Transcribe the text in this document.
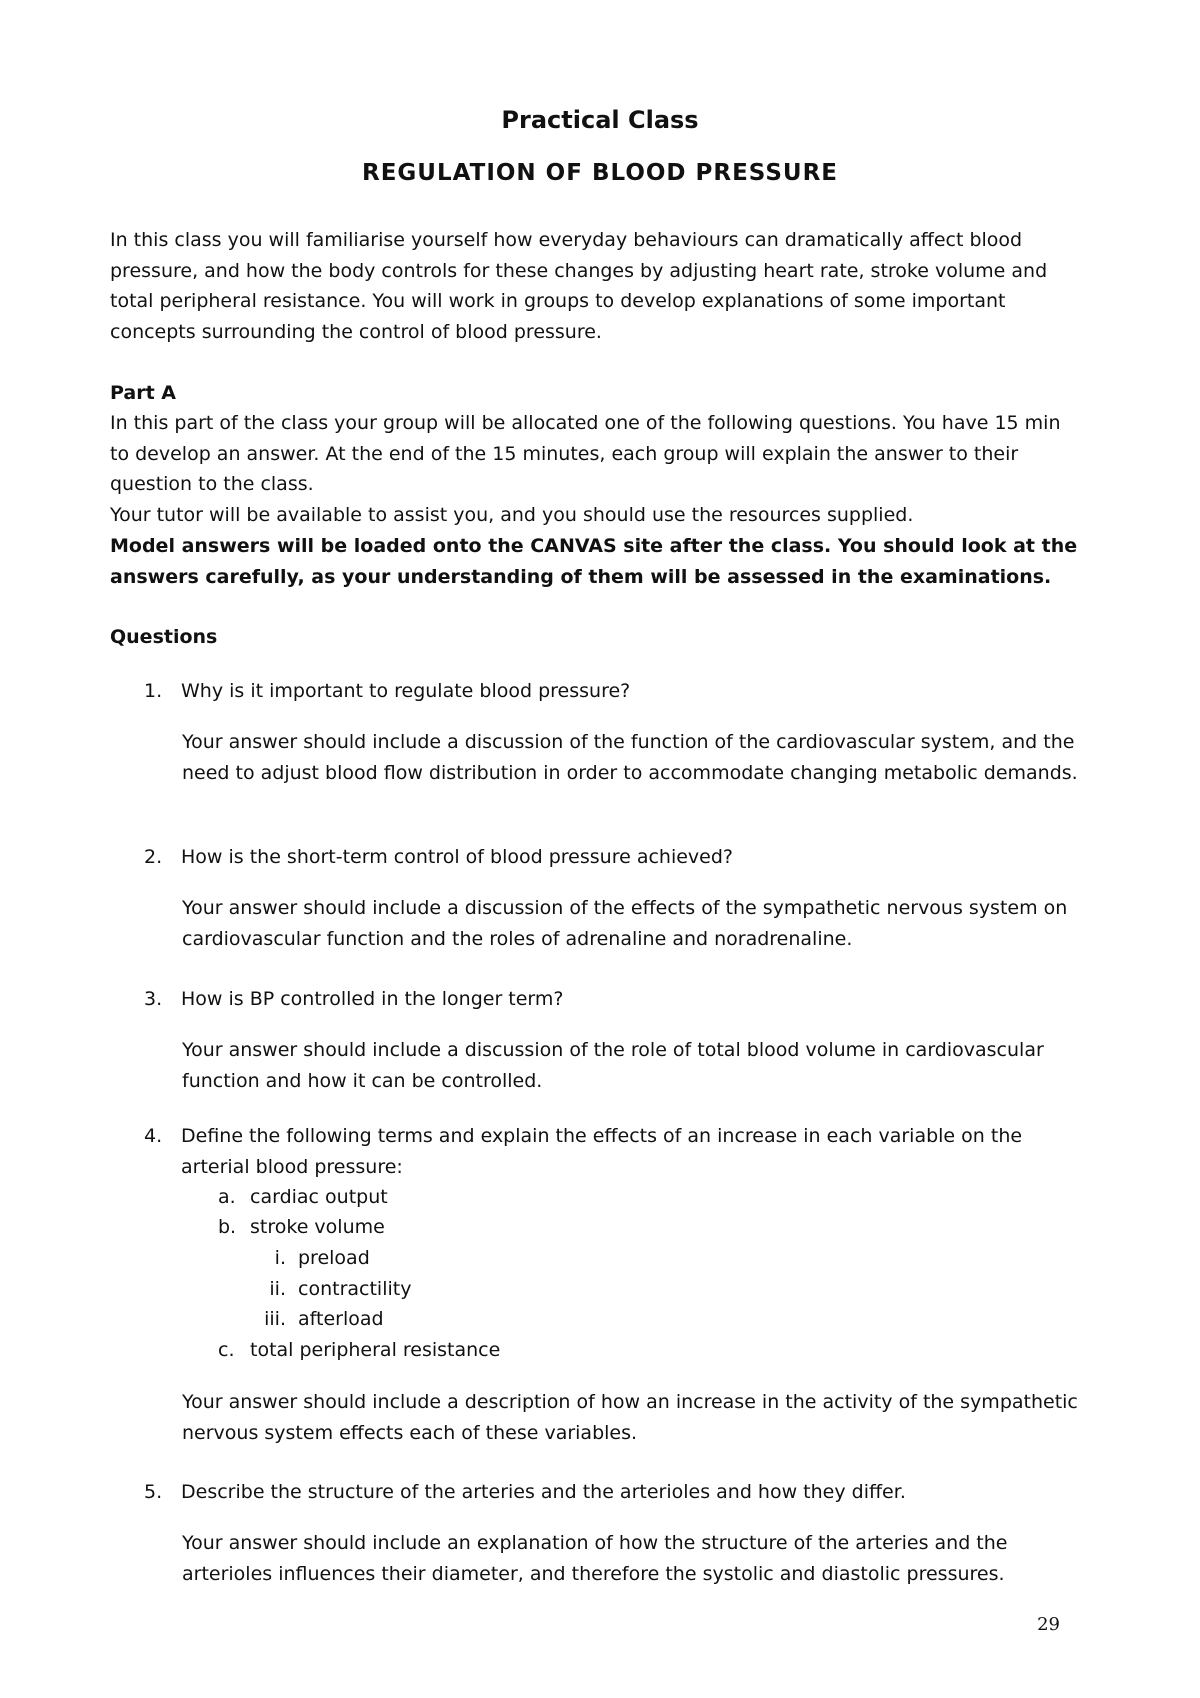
Practical Class
REGULATION OF BLOOD PRESSURE

In this class you will familiarise yourself how everyday behaviours can dramatically affect blood pressure, and how the body controls for these changes by adjusting heart rate, stroke volume and total peripheral resistance. You will work in groups to develop explanations of some important concepts surrounding the control of blood pressure.

Part A

In this part of the class your group will be allocated one of the following questions. You have 15 min to develop an answer. At the end of the 15 minutes, each group will explain the answer to their question to the class.

Your tutor will be available to assist you, and you should use the resources supplied.

Model answers will be loaded onto the CANVAS site after the class. You should look at the answers carefully, as your understanding of them will be assessed in the examinations.

Questions

1. Why is it important to regulate blood pressure?

Your answer should include a discussion of the function of the cardiovascular system, and the need to adjust blood flow distribution in order to accommodate changing metabolic demands.

2. How is the short-term control of blood pressure achieved?

Your answer should include a discussion of the effects of the sympathetic nervous system on cardiovascular function and the roles of adrenaline and noradrenaline.

3. How is BP controlled in the longer term?

Your answer should include a discussion of the role of total blood volume in cardiovascular function and how it can be controlled.

4. Define the following terms and explain the effects of an increase in each variable on the arterial blood pressure:
a. cardiac output
b. stroke volume
i. preload
ii. contractility
iii. afterload
c. total peripheral resistance

Your answer should include a description of how an increase in the activity of the sympathetic nervous system effects each of these variables.

5. Describe the structure of the arteries and the arterioles and how they differ.

Your answer should include an explanation of how the structure of the arteries and the arterioles influences their diameter, and therefore the systolic and diastolic pressures.

29
